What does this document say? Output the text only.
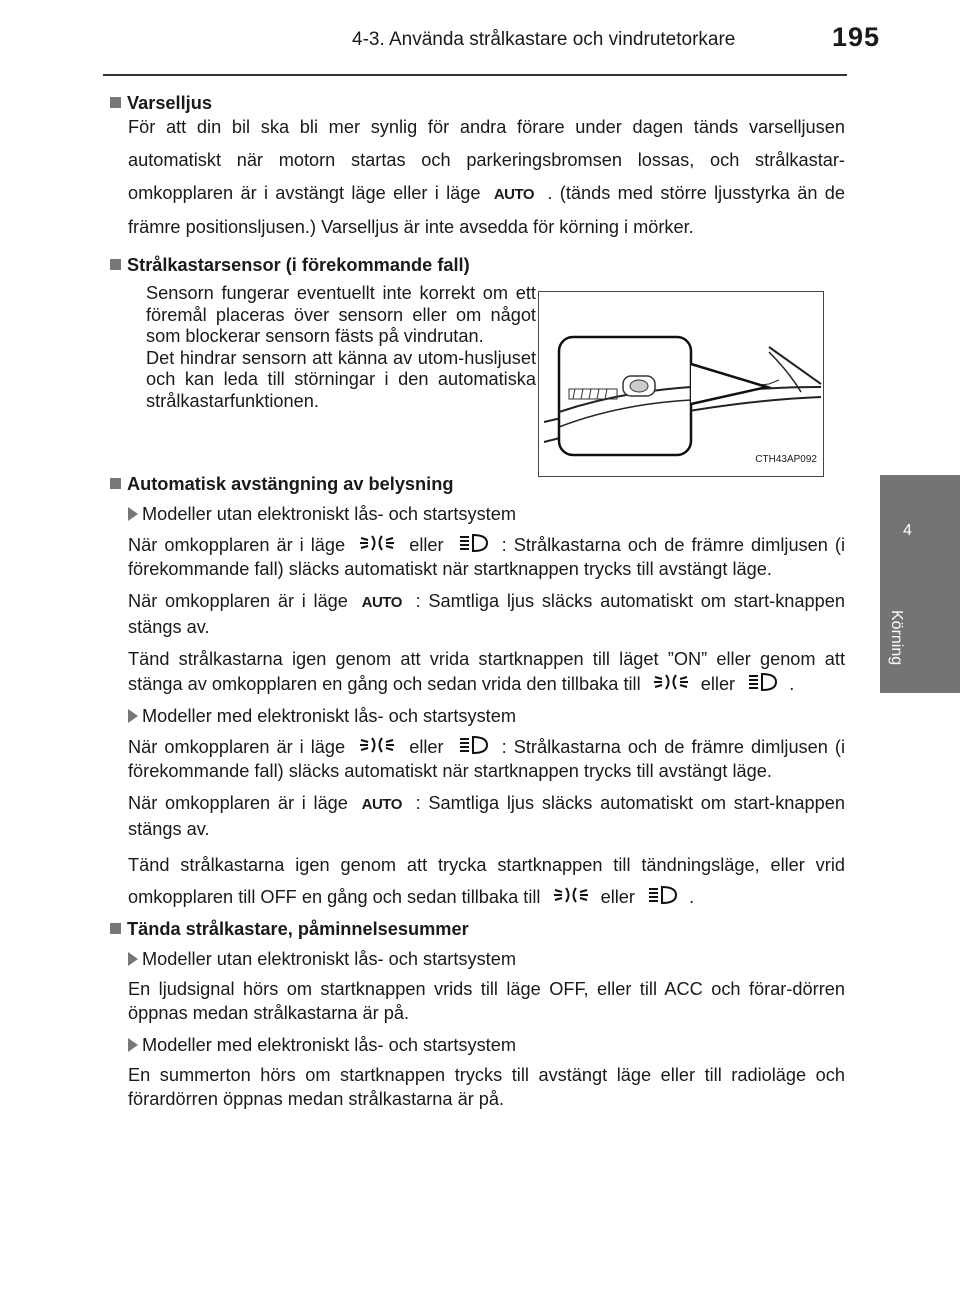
4-3. Använda strålkastare och vindrutetorkare	195
4
Körning

Varselljus

För att din bil ska bli mer synlig för andra förare under dagen tänds varselljusen automatiskt när motorn startas och parkeringsbromsen lossas, och strålkastar-omkopplaren är i avstängt läge eller i läge AUTO . (tänds med större ljusstyrka än de främre positionsljusen.) Varselljus är inte avsedda för körning i mörker.

Strålkastarsensor (i förekommande fall)

Sensorn fungerar eventuellt inte korrekt om ett föremål placeras över sensorn eller om något som blockerar sensorn fästs på vindrutan.
Det hindrar sensorn att känna av utom-husljuset och kan leda till störningar i den automatiska strålkastarfunktionen.
CTH43AP092

Automatisk avstängning av belysning

Modeller utan elektroniskt lås- och startsystem

När omkopplaren är i läge	eller	: Strålkastarna och de främre dimljusen (i förekommande fall) släcks automatiskt när startknappen trycks till avstängt läge.

När omkopplaren är i läge AUTO : Samtliga ljus släcks automatiskt om start-knappen stängs av.

Tänd strålkastarna igen genom att vrida startknappen till läget ”ON” eller genom att stänga av omkopplaren en gång och sedan vrida den tillbaka till	eller	.

Modeller med elektroniskt lås- och startsystem

När omkopplaren är i läge	eller	: Strålkastarna och de främre dimljusen (i förekommande fall) släcks automatiskt när startknappen trycks till avstängt läge.

När omkopplaren är i läge AUTO : Samtliga ljus släcks automatiskt om start-knappen stängs av.

Tänd strålkastarna igen genom att trycka startknappen till tändningsläge, eller vrid omkopplaren till OFF en gång och sedan tillbaka till	eller	.

Tända strålkastare, påminnelsesummer

Modeller utan elektroniskt lås- och startsystem

En ljudsignal hörs om startknappen vrids till läge OFF, eller till ACC och förar-dörren öppnas medan strålkastarna är på.

Modeller med elektroniskt lås- och startsystem

En summerton hörs om startknappen trycks till avstängt läge eller till radioläge och förardörren öppnas medan strålkastarna är på.
